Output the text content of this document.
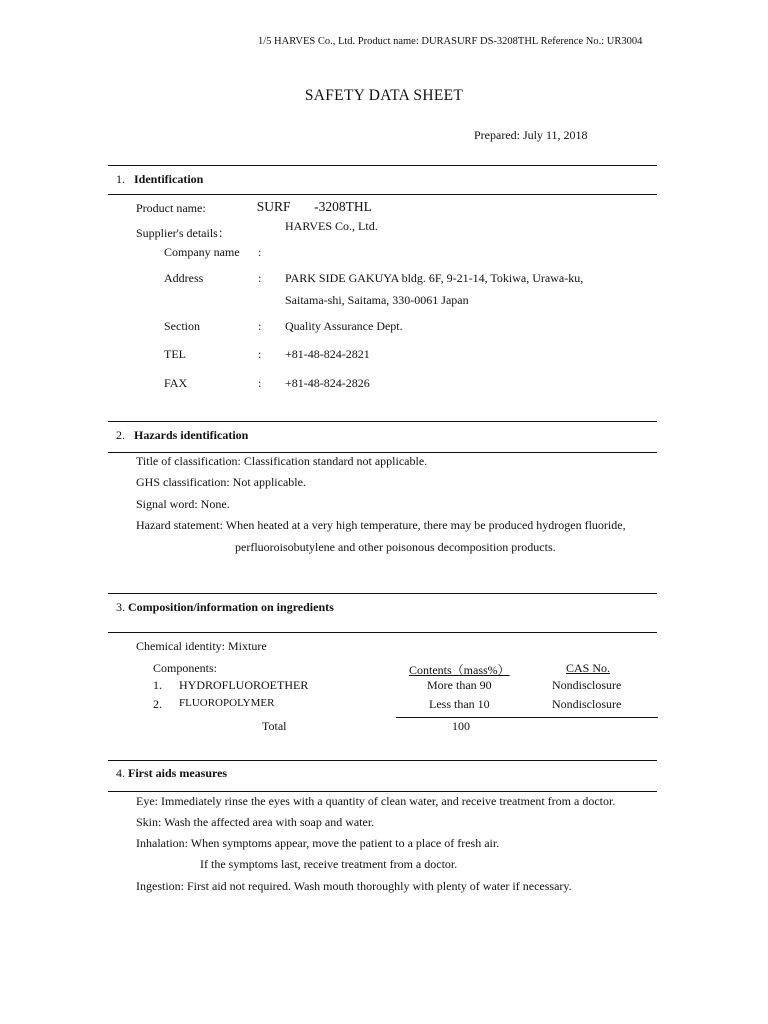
1/5 HARVES Co., Ltd. Product name: DURASURF DS-3208THL Reference No.: UR3004
SAFETY DATA SHEET
Prepared: July 11, 2018
1. Identification
Product name:	 SURF   -3208THL
Supplier's details：	HARVES Co., Ltd.
Company name :
Address	: PARK SIDE GAKUYA bldg. 6F, 9-21-14, Tokiwa, Urawa-ku,
Saitama-shi, Saitama, 330-0061 Japan
Section	: Quality Assurance Dept.
TEL	: +81-48-824-2821
FAX	: +81-48-824-2826
2. Hazards identification
Title of classification: Classification standard not applicable.
GHS classification: Not applicable.
Signal word: None.
Hazard statement: When heated at a very high temperature, there may be produced hydrogen fluoride,
perfluoroisobutylene and other poisonous decomposition products.
3. Composition/information on ingredients
Chemical identity: Mixture
Components:	Contents（mass%）	CAS No.
1. HYDROFLUOROETHER	More than 90	Nondisclosure
2. FLUOROPOLYMER	Less than 10	Nondisclosure
Total	100
4. First aids measures
Eye: Immediately rinse the eyes with a quantity of clean water, and receive treatment from a doctor.
Skin: Wash the affected area with soap and water.
Inhalation: When symptoms appear, move the patient to a place of fresh air.
If the symptoms last, receive treatment from a doctor.
Ingestion: First aid not required. Wash mouth thoroughly with plenty of water if necessary.
